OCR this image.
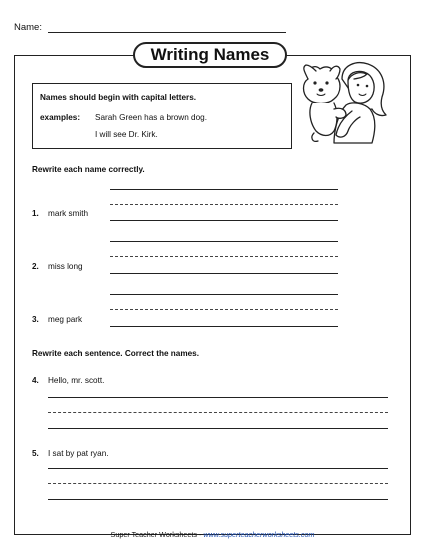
Name:
Writing Names
Names should begin with capital letters.
examples: Sarah Green has a brown dog.
I will see Dr. Kirk.
Rewrite each name correctly.
1. mark smith
2. miss long
3. meg park
Rewrite each sentence. Correct the names.
4. Hello, mr. scott.
5. I sat by pat ryan.
Super Teacher Worksheets - www.superteacherworksheets.com
